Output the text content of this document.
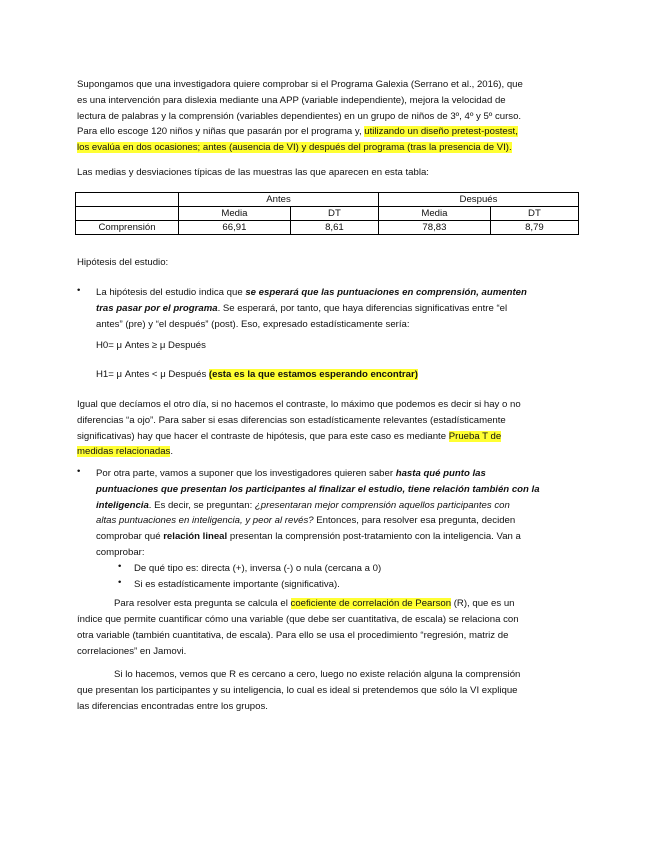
Supongamos que una investigadora quiere comprobar si el Programa Galexia (Serrano et al., 2016), que

es una intervención para dislexia mediante una APP (variable independiente), mejora la velocidad de

lectura de palabras y la comprensión (variables dependientes) en un grupo de niños de 3º, 4º y 5º curso.

Para ello escoge 120 niños y niñas que pasarán por el programa y, utilizando un diseño pretest-postest,

los evalúa en dos ocasiones; antes (ausencia de VI) y después del programa (tras la presencia de VI).

Las medias y desviaciones típicas de las muestras las que aparecen en esta tabla:

	Antes		Después	
	Media	DT	Media	DT
Comprensión	66,91	8,61	78,83	8,79

Hipótesis del estudio:

• La hipótesis del estudio indica que se esperará que las puntuaciones en comprensión, aumenten

tras pasar por el programa. Se esperará, por tanto, que haya diferencias significativas entre “el

antes” (pre) y “el después” (post). Eso, expresado estadísticamente sería:

H0= μ Antes ≥ μ Después

H1= μ Antes < μ Después (esta es la que estamos esperando encontrar)

Igual que decíamos el otro día, si no hacemos el contraste, lo máximo que podemos es decir si hay o no

diferencias “a ojo”. Para saber si esas diferencias son estadísticamente relevantes (estadísticamente

significativas) hay que hacer el contraste de hipótesis, que para este caso es mediante Prueba T de

medidas relacionadas.

• Por otra parte, vamos a suponer que los investigadores quieren saber hasta qué punto las

puntuaciones que presentan los participantes al finalizar el estudio, tiene relación también con la

inteligencia. Es decir, se preguntan: ¿presentaran mejor comprensión aquellos participantes con

altas puntuaciones en inteligencia, y peor al revés? Entonces, para resolver esa pregunta, deciden

comprobar qué relación lineal presentan la comprensión post-tratamiento con la inteligencia. Van a

comprobar:

• De qué tipo es: directa (+), inversa (-) o nula (cercana a 0)

• Si es estadísticamente importante (significativa).

Para resolver esta pregunta se calcula el coeficiente de correlación de Pearson (R), que es un

índice que permite cuantificar cómo una variable (que debe ser cuantitativa, de escala) se relaciona con

otra variable (también cuantitativa, de escala). Para ello se usa el procedimiento “regresión, matriz de

correlaciones” en Jamovi.

Si lo hacemos, vemos que R es cercano a cero, luego no existe relación alguna la comprensión

que presentan los participantes y su inteligencia, lo cual es ideal si pretendemos que sólo la VI explique

las diferencias encontradas entre los grupos.
